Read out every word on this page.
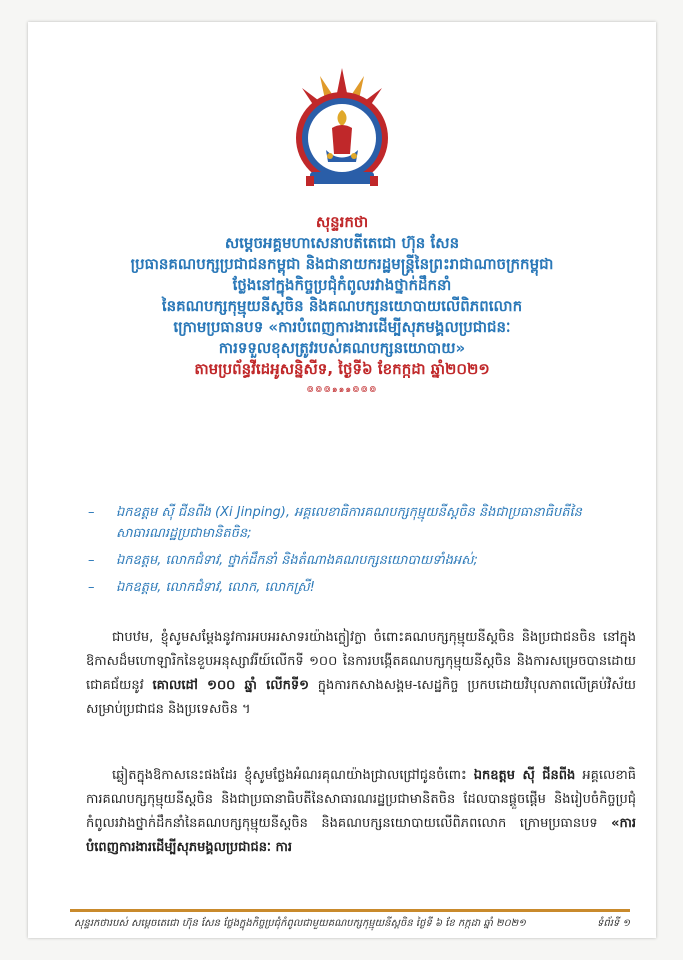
សុន្ទរកថា
សម្តេចអគ្គមហាសេនាបតីតេជោ ហ៊ុន សែន
ប្រធានគណបក្សប្រជាជនកម្ពុជា និងជានាយករដ្ឋមន្ត្រីនៃព្រះរាជាណាចក្រកម្ពុជា
ថ្លែងនៅក្នុងកិច្ចប្រជុំកំពូលរវាងថ្នាក់ដឹកនាំ
នៃគណបក្សកុម្មុយនីស្តចិន និងគណបក្សនយោបាយលើពិភពលោក
ក្រោមប្រធានបទ «ការបំពេញការងារដើម្បីសុភមង្គលប្រជាជនៈ
ការទទួលខុសត្រូវរបស់គណបក្សនយោបាយ»
តាមប្រព័ន្ធវីដេអូសន្និសីទ, ថ្ងៃទី៦ ខែកក្កដា ឆ្នាំ២០២១
៙៙៙๑๑๑៙៙៙
–	ឯកឧត្តម ស៊ី ជីនពីង (Xi Jinping), អគ្គលេខាធិការគណបក្សកុម្មុយនីស្តចិន និងជាប្រធានាធិបតីនៃសាធារណរដ្ឋប្រជាមានិតចិន;
–	ឯកឧត្តម, លោកជំទាវ, ថ្នាក់ដឹកនាំ និងតំណាងគណបក្សនយោបាយទាំងអស់;
–	ឯកឧត្តម, លោកជំទាវ, លោក, លោកស្រី!
ជាបឋម, ខ្ញុំសូមសម្តែងនូវការអបអរសាទរយ៉ាងក្លៀវក្លា ចំពោះគណបក្សកុម្មុយនីស្តចិន និងប្រជាជនចិន នៅក្នុងឱកាសដ៏មហោឡារិកនៃខួបអនុស្សាវរីយ៍លើកទី ១០០ នៃការបង្កើតគណបក្សកុម្មុយនីស្តចិន និងការសម្រេចបានដោយជោគជ័យនូវ គោលដៅ ១០០ ឆ្នាំ លើកទី១ ក្នុងការកសាងសង្គម-សេដ្ឋកិច្ច ប្រកបដោយវិបុលភាពលើគ្រប់វិស័យសម្រាប់ប្រជាជន និងប្រទេសចិន ។
ឆ្លៀតក្នុងឱកាសនេះផងដែរ ខ្ញុំសូមថ្លែងអំណរគុណយ៉ាងជ្រាលជ្រៅជូនចំពោះ ឯកឧត្តម ស៊ី ជីនពីង អគ្គលេខាធិការគណបក្សកុម្មុយនីស្តចិន និងជាប្រធានាធិបតីនៃសាធារណរដ្ឋប្រជាមានិតចិន ដែលបានផ្តួចផ្តើម និងរៀបចំកិច្ចប្រជុំកំពូលរវាងថ្នាក់ដឹកនាំនៃគណបក្សកុម្មុយនីស្តចិន និងគណបក្សនយោបាយលើពិភពលោក ក្រោមប្រធានបទ «ការបំពេញការងារដើម្បីសុភមង្គលប្រជាជនៈ ការ
សុន្ទរកថារបស់ សម្តេចតេជោ ហ៊ុន សែន ថ្លែងក្នុងកិច្ចប្រជុំកំពូលជាមួយគណបក្សកុម្មុយនីស្តចិន ថ្ងៃទី ៦ ខែ កក្កដា ឆ្នាំ ២០២១	ទំព័រទី ១
